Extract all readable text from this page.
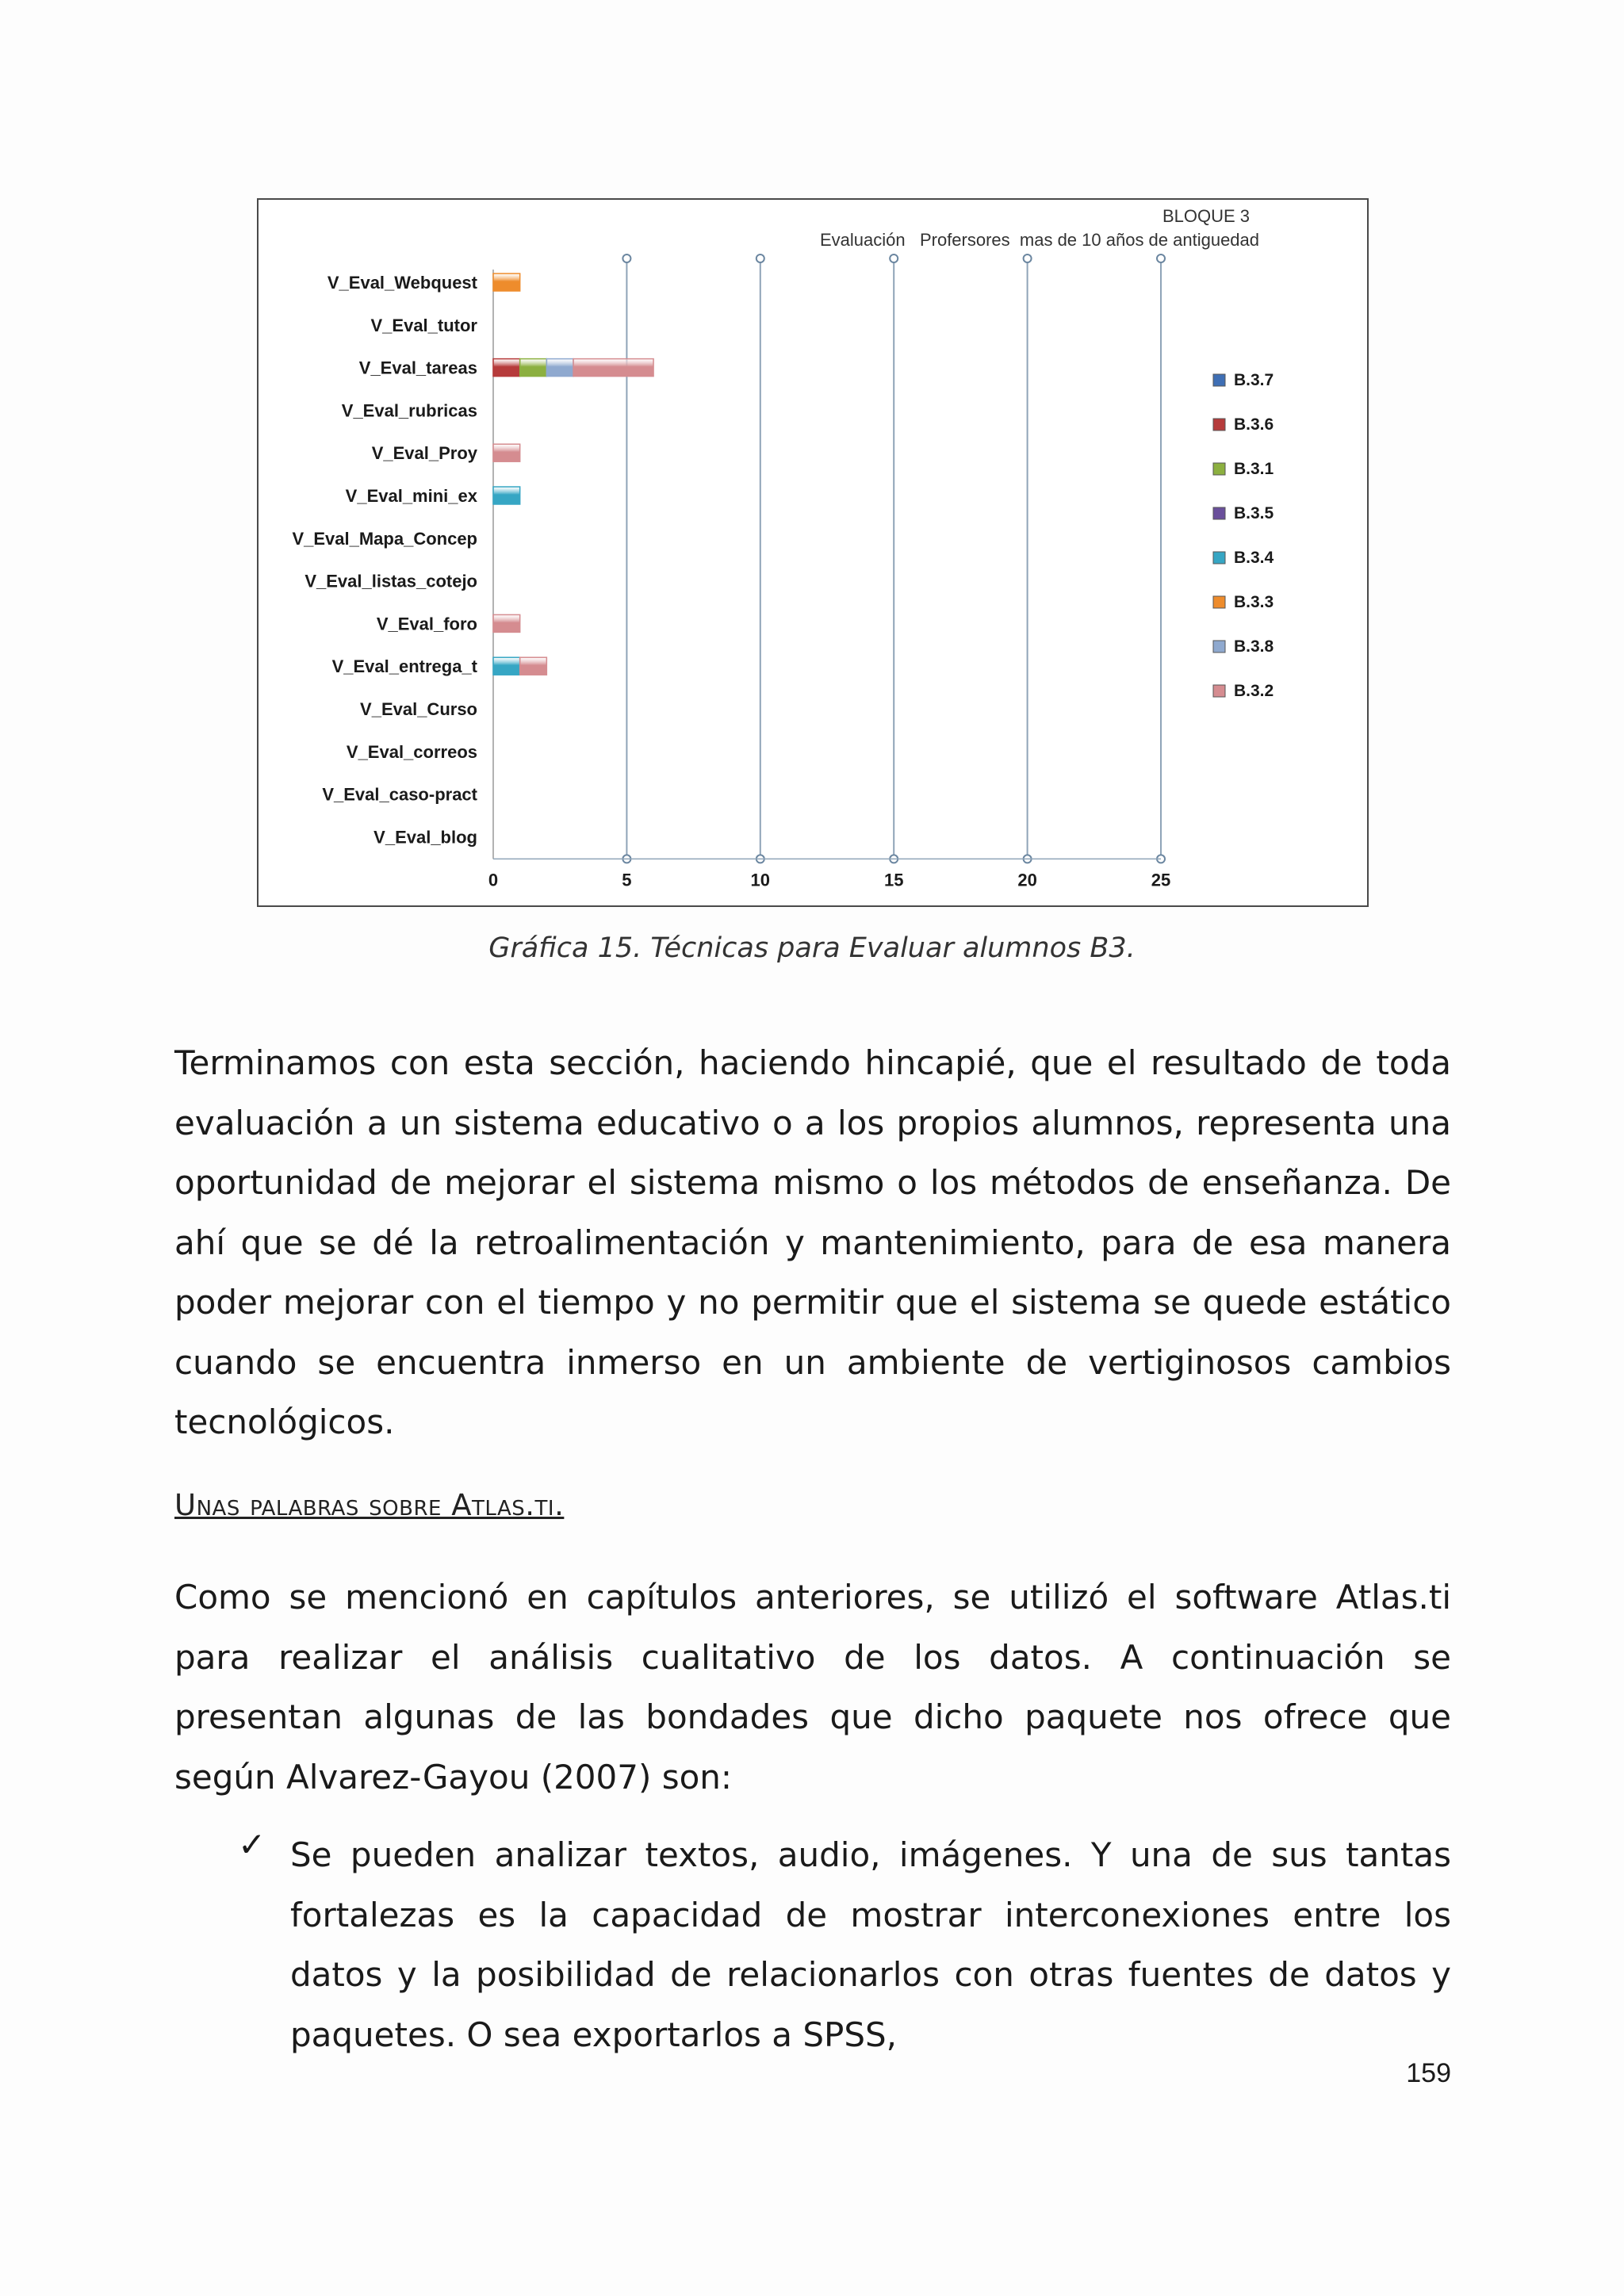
BLOQUE 3
Evaluación   Profersores  mas de 10 años de antiguedad
V_Eval_Webquest
V_Eval_tutor
V_Eval_tareas
V_Eval_rubricas
V_Eval_Proy
V_Eval_mini_ex
V_Eval_Mapa_Concep
V_Eval_listas_cotejo
V_Eval_foro
V_Eval_entrega_t
V_Eval_Curso
V_Eval_correos
V_Eval_caso-pract
V_Eval_blog
0	5	10	15	20	25
B.3.7
B.3.6
B.3.1
B.3.5
B.3.4
B.3.3
B.3.8
B.3.2
Gráfica 15. Técnicas para Evaluar alumnos B3.
Terminamos con esta sección, haciendo hincapié, que el resultado de toda evaluación a un sistema educativo o a los propios alumnos, representa una oportunidad de mejorar el sistema mismo o los métodos de enseñanza. De ahí que se dé la retroalimentación y mantenimiento, para de esa manera poder mejorar con el tiempo y no permitir que el sistema se quede estático cuando se encuentra inmerso en un ambiente de vertiginosos cambios tecnológicos.
Unas palabras sobre Atlas.ti.
Como se mencionó en capítulos anteriores, se utilizó el software Atlas.ti para realizar el análisis cualitativo de los datos. A continuación se presentan algunas de las bondades que dicho paquete nos ofrece que según Alvarez-Gayou (2007) son:
✓ Se pueden analizar textos, audio, imágenes. Y una de sus tantas fortalezas es la capacidad de mostrar interconexiones entre los datos y la posibilidad de relacionarlos con otras fuentes de datos y paquetes. O sea exportarlos a SPSS,
159
